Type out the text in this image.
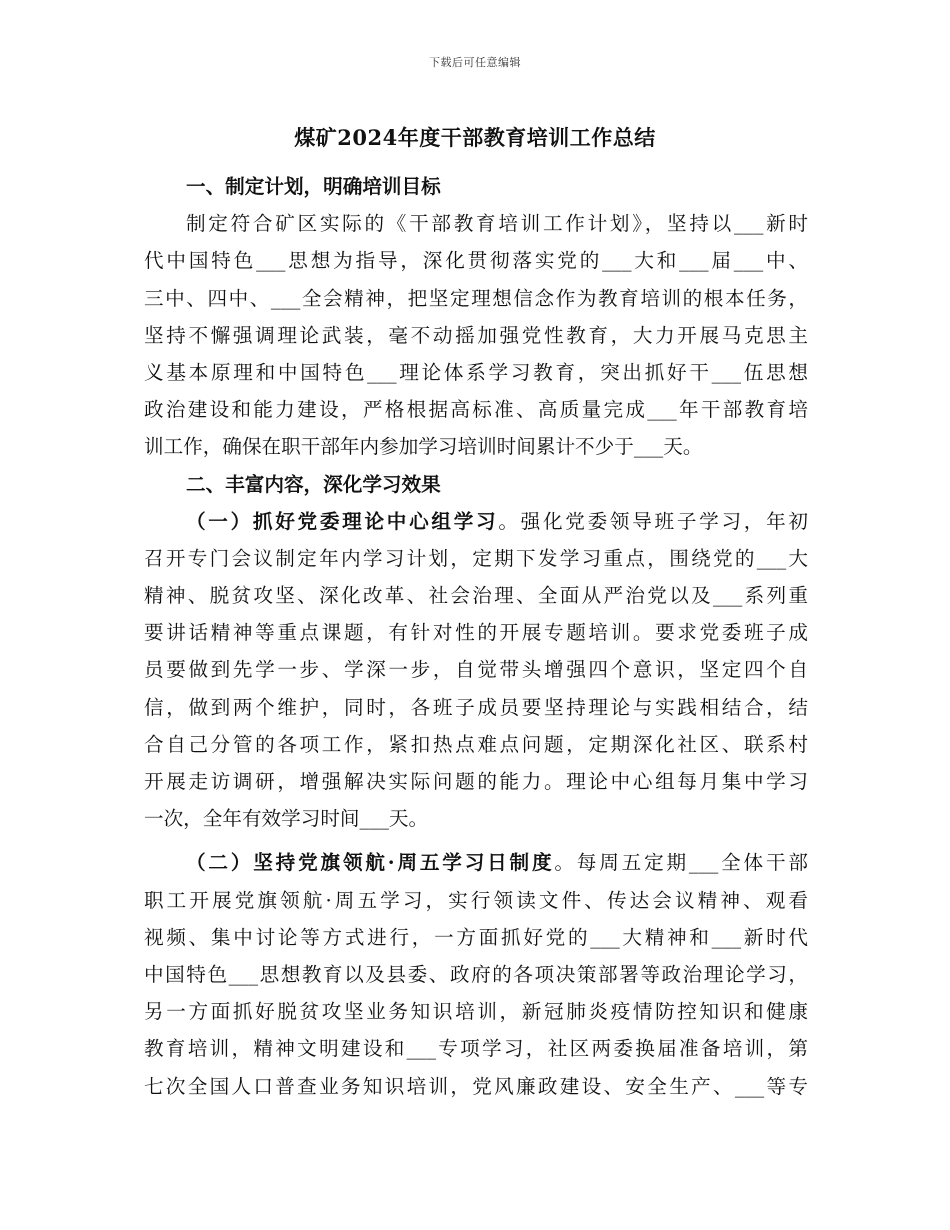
下载后可任意编辑
煤矿2024年度干部教育培训工作总结
一、制定计划，明确培训目标
制定符合矿区实际的《干部教育培训工作计划》，坚持以___新时
代中国特色___思想为指导，深化贯彻落实党的___大和___届___中、
三中、四中、___全会精神，把坚定理想信念作为教育培训的根本任务，
坚持不懈强调理论武装，毫不动摇加强党性教育，大力开展马克思主
义基本原理和中国特色___理论体系学习教育，突出抓好干___伍思想
政治建设和能力建设，严格根据高标准、高质量完成___年干部教育培
训工作，确保在职干部年内参加学习培训时间累计不少于___天。
二、丰富内容，深化学习效果
（一）抓好党委理论中心组学习。强化党委领导班子学习，年初
召开专门会议制定年内学习计划，定期下发学习重点，围绕党的___大
精神、脱贫攻坚、深化改革、社会治理、全面从严治党以及___系列重
要讲话精神等重点课题，有针对性的开展专题培训。要求党委班子成
员要做到先学一步、学深一步，自觉带头增强四个意识，坚定四个自
信，做到两个维护，同时，各班子成员要坚持理论与实践相结合，结
合自己分管的各项工作，紧扣热点难点问题，定期深化社区、联系村
开展走访调研，增强解决实际问题的能力。理论中心组每月集中学习
一次，全年有效学习时间___天。
（二）坚持党旗领航·周五学习日制度。每周五定期___全体干部
职工开展党旗领航·周五学习，实行领读文件、传达会议精神、观看
视频、集中讨论等方式进行，一方面抓好党的___大精神和___新时代
中国特色___思想教育以及县委、政府的各项决策部署等政治理论学习，
另一方面抓好脱贫攻坚业务知识培训，新冠肺炎疫情防控知识和健康
教育培训，精神文明建设和___专项学习，社区两委换届准备培训，第
七次全国人口普查业务知识培训，党风廉政建设、安全生产、___等专
